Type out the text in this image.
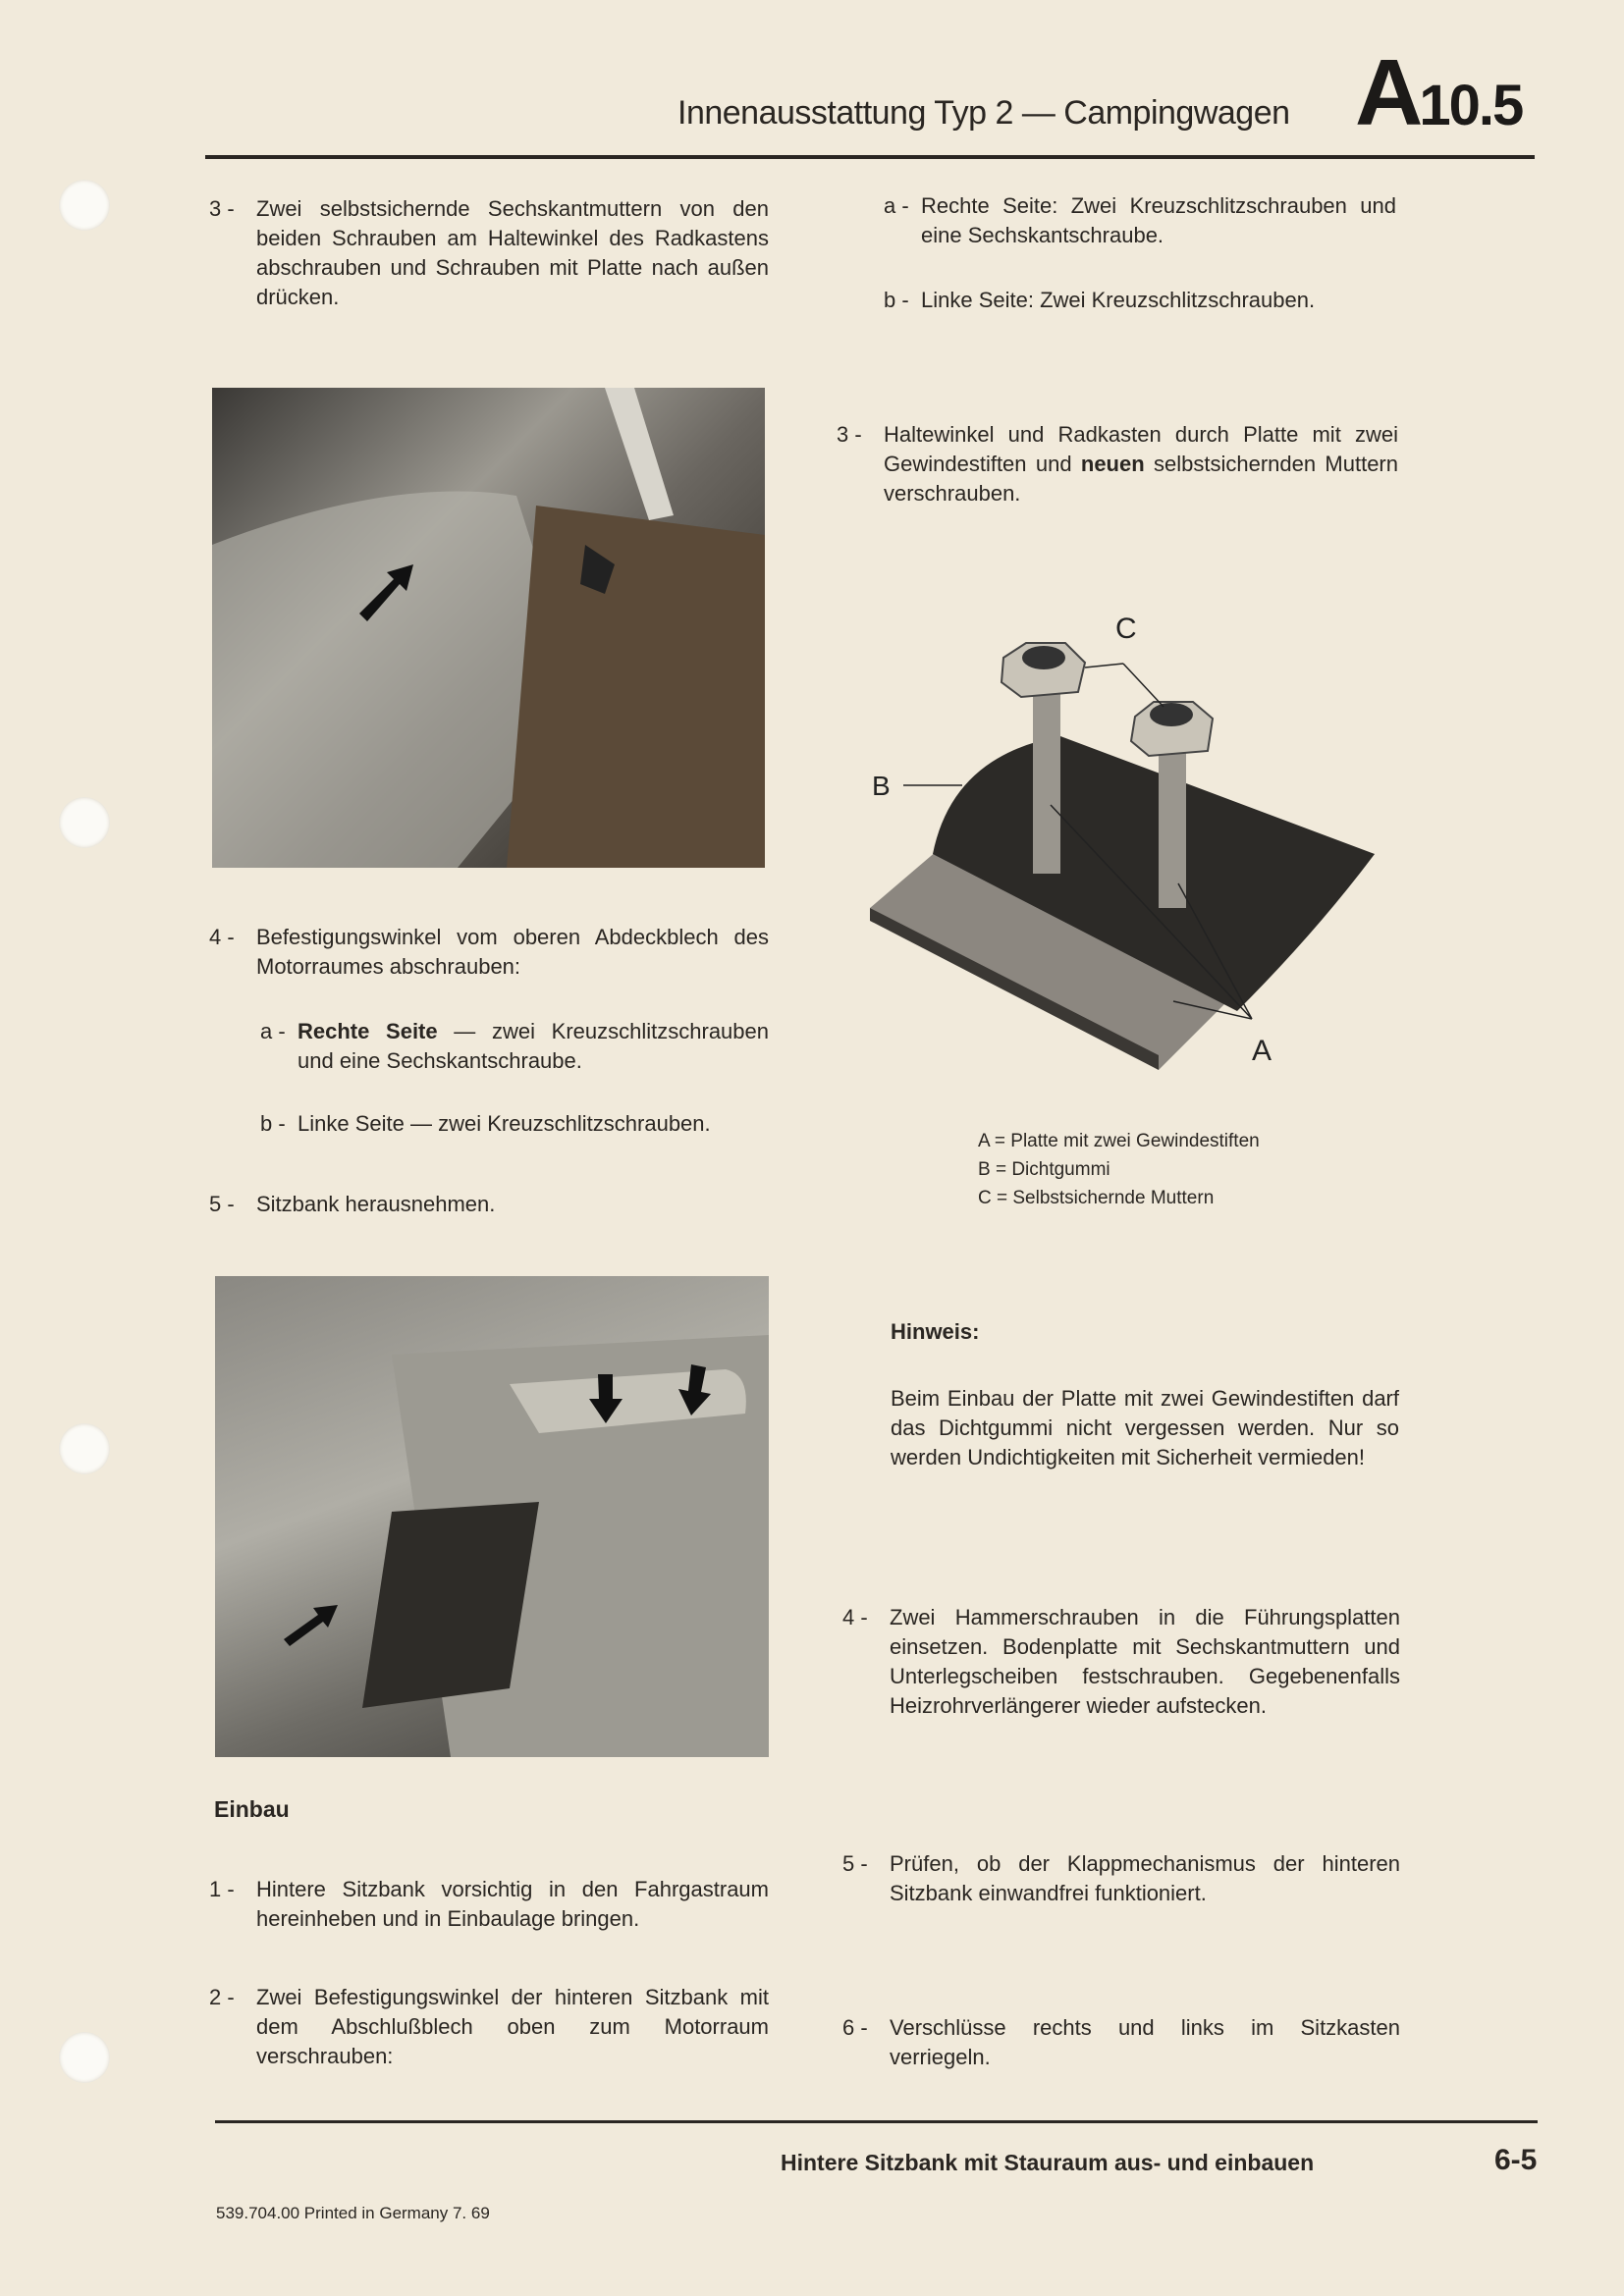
Innenausstattung Typ 2 — Campingwagen A10.5
3 - Zwei selbstsichernde Sechskantmuttern von den beiden Schrauben am Haltewinkel des Radkastens abschrauben und Schrauben mit Platte nach außen drücken.
4 - Befestigungswinkel vom oberen Abdeckblech des Motorraumes abschrauben:
a - Rechte Seite — zwei Kreuzschlitzschrauben und eine Sechskantschraube.
b - Linke Seite — zwei Kreuzschlitzschrauben.
5 - Sitzbank herausnehmen.
Einbau
1 - Hintere Sitzbank vorsichtig in den Fahrgastraum hereinheben und in Einbaulage bringen.
2 - Zwei Befestigungswinkel der hinteren Sitzbank mit dem Abschlußblech oben zum Motorraum verschrauben:
a - Rechte Seite: Zwei Kreuzschlitzschrauben und eine Sechskantschraube.
b - Linke Seite: Zwei Kreuzschlitzschrauben.
3 - Haltewinkel und Radkasten durch Platte mit zwei Gewindestiften und neuen selbstsichernden Muttern verschrauben.
C
B
A
A = Platte mit zwei Gewindestiften
B = Dichtgummi
C = Selbstsichernde Muttern
Hinweis:
Beim Einbau der Platte mit zwei Gewindestiften darf das Dichtgummi nicht vergessen werden. Nur so werden Undichtigkeiten mit Sicherheit vermieden!
4 - Zwei Hammerschrauben in die Führungsplatten einsetzen. Bodenplatte mit Sechskantmuttern und Unterlegscheiben festschrauben. Gegebenenfalls Heizrohrverlängerer wieder aufstecken.
5 - Prüfen, ob der Klappmechanismus der hinteren Sitzbank einwandfrei funktioniert.
6 - Verschlüsse rechts und links im Sitzkasten verriegeln.
Hintere Sitzbank mit Stauraum aus- und einbauen	6-5
539.704.00 Printed in Germany 7. 69
